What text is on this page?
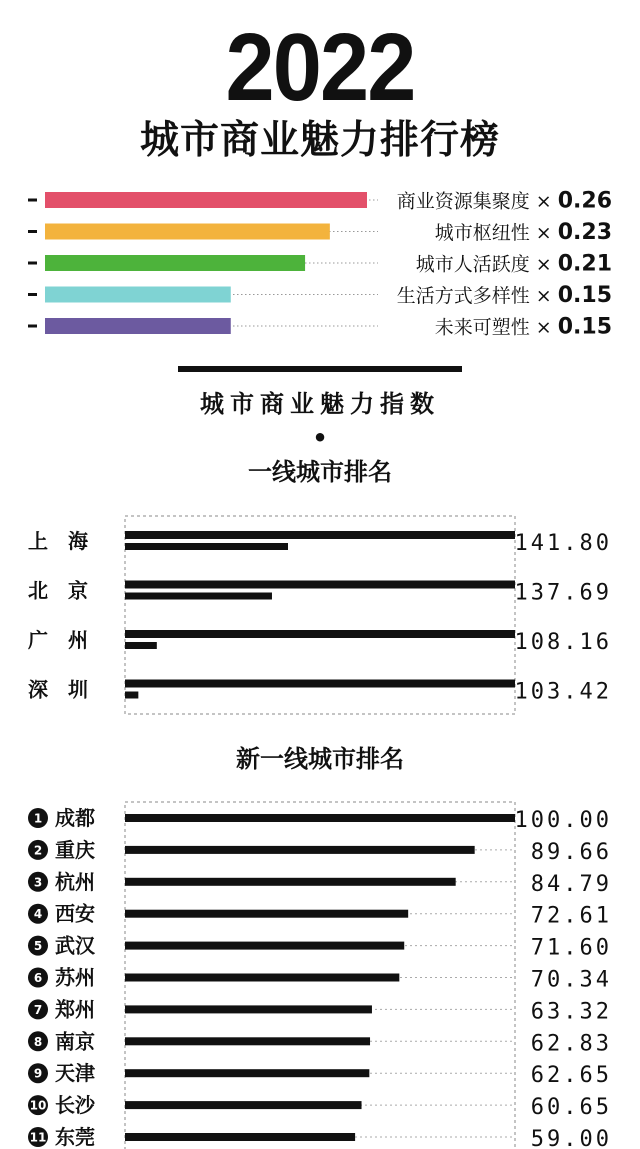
2022
城市商业魅力排行榜
商业资源集聚度 × 0.26
城市枢纽性 × 0.23
城市人活跃度 × 0.21
生活方式多样性 × 0.15
未来可塑性 × 0.15
城市商业魅力指数
•
一线城市排名
上　海	141.80
北　京	137.69
广　州	108.16
深　圳	103.42
新一线城市排名
1 成都	100.00
2 重庆	89.66
3 杭州	84.79
4 西安	72.61
5 武汉	71.60
6 苏州	70.34
7 郑州	63.32
8 南京	62.83
9 天津	62.65
10 长沙	60.65
11 东莞	59.00
